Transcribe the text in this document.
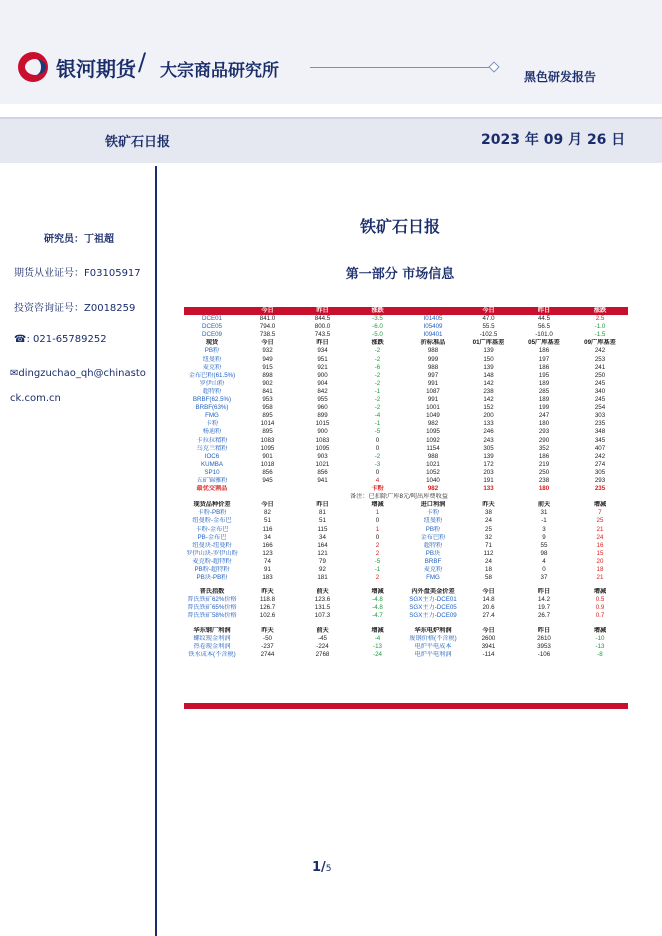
银河期货 / 大宗商品研究所	黑色研发报告
铁矿石日报	2023 年 09 月 26 日
研究员：丁祖超
期货从业证号：F03105917
投资咨询证号：Z0018259
☎: 021-65789252
✉dingzuchao_qh@chinasto
ck.com.cn
铁矿石日报
第一部分 市场信息
	今日	昨日	涨跌		今日	昨日	涨跌
DCE01	841.0	844.5	-3.5	I01405	47.0	44.5	2.5
DCE05	794.0	800.0	-6.0	I05409	55.5	56.5	-1.0
DCE09	738.5	743.5	-5.0	I09401	-102.5	-101.0	-1.5
现货	今日	昨日	涨跌	折标准品	01广库基差	05广库基差	09广库基差
PB粉	932	934	-2	988	139	186	242
纽曼粉	949	951	-2	999	150	197	253
麦克粉	915	921	-6	988	139	186	241
金布巴粉(61.5%)	898	900	-2	997	148	195	250
罗伊山粉	902	904	-2	991	142	189	245
超特粉	841	842	-1	1087	238	285	340
BRBF(62.5%)	953	955	-2	991	142	189	245
BRBF(63%)	958	960	-2	1001	152	199	254
FMG	895	899	-4	1049	200	247	303
卡粉	1014	1015	-1	982	133	180	235
杨迪粉	895	900	-5	1095	246	293	348
卡拉拉精粉	1083	1083	0	1092	243	290	345
乌克兰精粉	1095	1095	0	1154	305	352	407
IOC6	901	903	-2	988	139	186	242
KUMBA	1018	1021	-3	1021	172	219	274
SP10	856	856	0	1052	203	250	305
五矿锦雅粉	945	941	4	1040	191	238	293
最优交割品			卡粉	982	133	180	235
			备注：已扣除广库8元/吨出库费收益				
现货品种价差	今日	昨日	增减	进口利润	昨天	前天	增减
卡粉-PB粉	82	81	1	卡粉	38	31	7
纽曼粉-金布巴	51	51	0	纽曼粉	24	-1	25
卡粉-金布巴	116	115	1	PB粉	25	3	21
PB-金布巴	34	34	0	金布巴粉	32	9	24
纽曼块-纽曼粉	166	164	2	超特粉	71	55	16
罗伊山块-罗伊山粉	123	121	2	PB块	112	98	15
麦克粉-超特粉	74	79	-5	BRBF	24	4	20
PB粉-超特粉	91	92	-1	麦克粉	18	0	18
PB块-PB粉	183	181	2	FMG	58	37	21

普氏指数	昨天	前天	增减	内外盘美金价差	今日	昨日	增减
普氏铁矿62%价格	118.8	123.6	-4.8	SGX主力-DCE01	14.8	14.2	0.5
普氏铁矿65%价格	126.7	131.5	-4.8	SGX主力-DCE05	20.6	19.7	0.9
普氏铁矿58%价格	102.6	107.3	-4.7	SGX主力-DCE09	27.4	26.7	0.7

华东钢厂利润	昨天	前天	增减	华东电炉利润	今日	昨日	增减
螺纹现金利润	-50	-45	-4	废钢价格(不含税)	2600	2610	-10
热卷现金利润	-237	-224	-13	电炉平电成本	3941	3953	-13
铁水成本(不含税)	2744	2768	-24	电炉平电利润	-114	-106	-8
1/5
